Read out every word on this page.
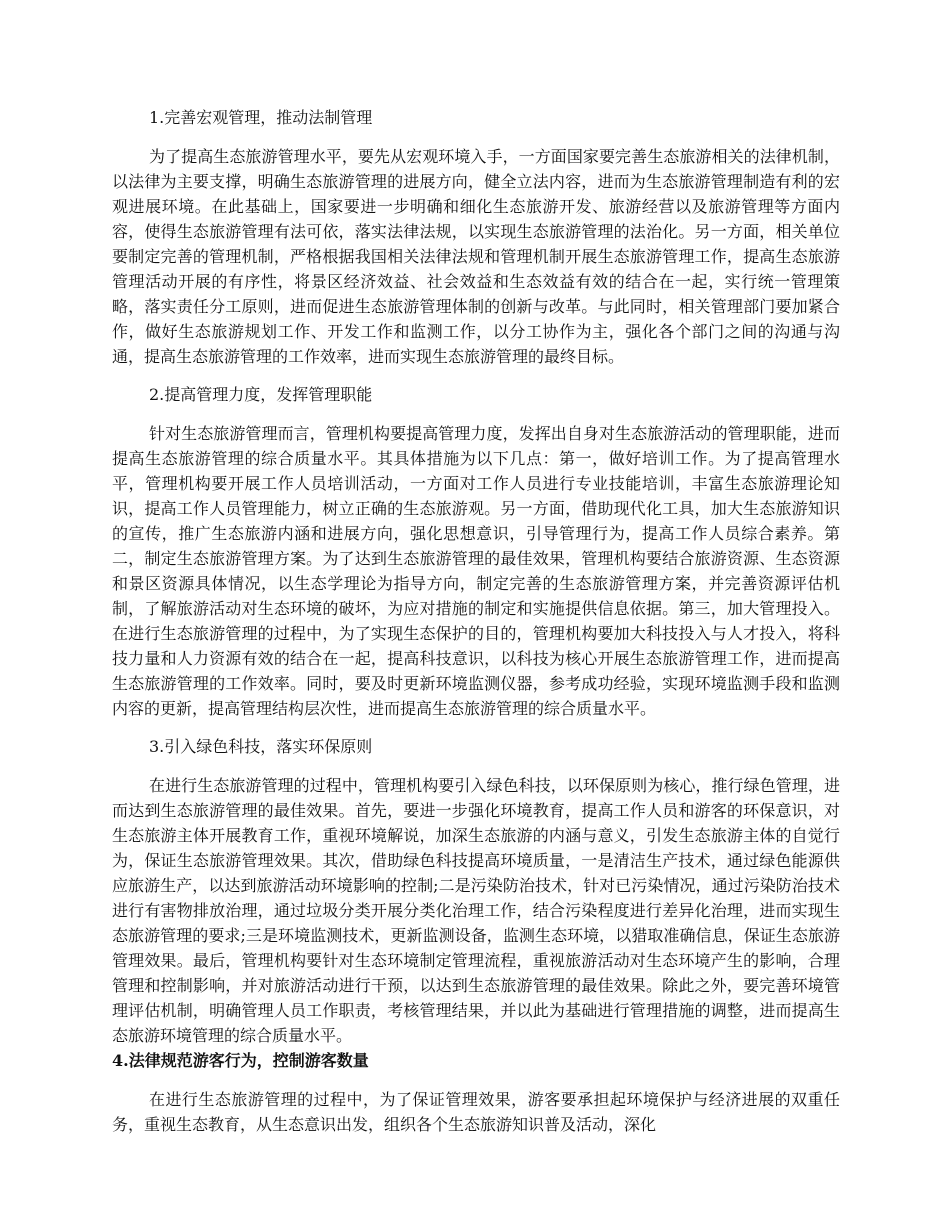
1.完善宏观管理，推动法制管理

为了提高生态旅游管理水平，要先从宏观环境入手，一方面国家要完善生态旅游相关的法律机制，以法律为主要支撑，明确生态旅游管理的进展方向，健全立法内容，进而为生态旅游管理制造有利的宏观进展环境。在此基础上，国家要进一步明确和细化生态旅游开发、旅游经营以及旅游管理等方面内容，使得生态旅游管理有法可依，落实法律法规，以实现生态旅游管理的法治化。另一方面，相关单位要制定完善的管理机制，严格根据我国相关法律法规和管理机制开展生态旅游管理工作，提高生态旅游管理活动开展的有序性，将景区经济效益、社会效益和生态效益有效的结合在一起，实行统一管理策略，落实责任分工原则，进而促进生态旅游管理体制的创新与改革。与此同时，相关管理部门要加紧合作，做好生态旅游规划工作、开发工作和监测工作，以分工协作为主，强化各个部门之间的沟通与沟通，提高生态旅游管理的工作效率，进而实现生态旅游管理的最终目标。

2.提高管理力度，发挥管理职能

针对生态旅游管理而言，管理机构要提高管理力度，发挥出自身对生态旅游活动的管理职能，进而提高生态旅游管理的综合质量水平。其具体措施为以下几点：第一，做好培训工作。为了提高管理水平，管理机构要开展工作人员培训活动，一方面对工作人员进行专业技能培训，丰富生态旅游理论知识，提高工作人员管理能力，树立正确的生态旅游观。另一方面，借助现代化工具，加大生态旅游知识的宣传，推广生态旅游内涵和进展方向，强化思想意识，引导管理行为，提高工作人员综合素养。第二，制定生态旅游管理方案。为了达到生态旅游管理的最佳效果，管理机构要结合旅游资源、生态资源和景区资源具体情况，以生态学理论为指导方向，制定完善的生态旅游管理方案，并完善资源评估机制，了解旅游活动对生态环境的破坏，为应对措施的制定和实施提供信息依据。第三，加大管理投入。在进行生态旅游管理的过程中，为了实现生态保护的目的，管理机构要加大科技投入与人才投入，将科技力量和人力资源有效的结合在一起，提高科技意识，以科技为核心开展生态旅游管理工作，进而提高生态旅游管理的工作效率。同时，要及时更新环境监测仪器，参考成功经验，实现环境监测手段和监测内容的更新，提高管理结构层次性，进而提高生态旅游管理的综合质量水平。

3.引入绿色科技，落实环保原则

在进行生态旅游管理的过程中，管理机构要引入绿色科技，以环保原则为核心，推行绿色管理，进而达到生态旅游管理的最佳效果。首先，要进一步强化环境教育，提高工作人员和游客的环保意识，对生态旅游主体开展教育工作，重视环境解说，加深生态旅游的内涵与意义，引发生态旅游主体的自觉行为，保证生态旅游管理效果。其次，借助绿色科技提高环境质量，一是清洁生产技术，通过绿色能源供应旅游生产，以达到旅游活动环境影响的控制;二是污染防治技术，针对已污染情况，通过污染防治技术进行有害物排放治理，通过垃圾分类开展分类化治理工作，结合污染程度进行差异化治理，进而实现生态旅游管理的要求;三是环境监测技术，更新监测设备，监测生态环境，以猎取准确信息，保证生态旅游管理效果。最后，管理机构要针对生态环境制定管理流程，重视旅游活动对生态环境产生的影响，合理管理和控制影响，并对旅游活动进行干预，以达到生态旅游管理的最佳效果。除此之外，要完善环境管理评估机制，明确管理人员工作职责，考核管理结果，并以此为基础进行管理措施的调整，进而提高生态旅游环境管理的综合质量水平。

4.法律规范游客行为，控制游客数量

在进行生态旅游管理的过程中，为了保证管理效果，游客要承担起环境保护与经济进展的双重任务，重视生态教育，从生态意识出发，组织各个生态旅游知识普及活动，深化
